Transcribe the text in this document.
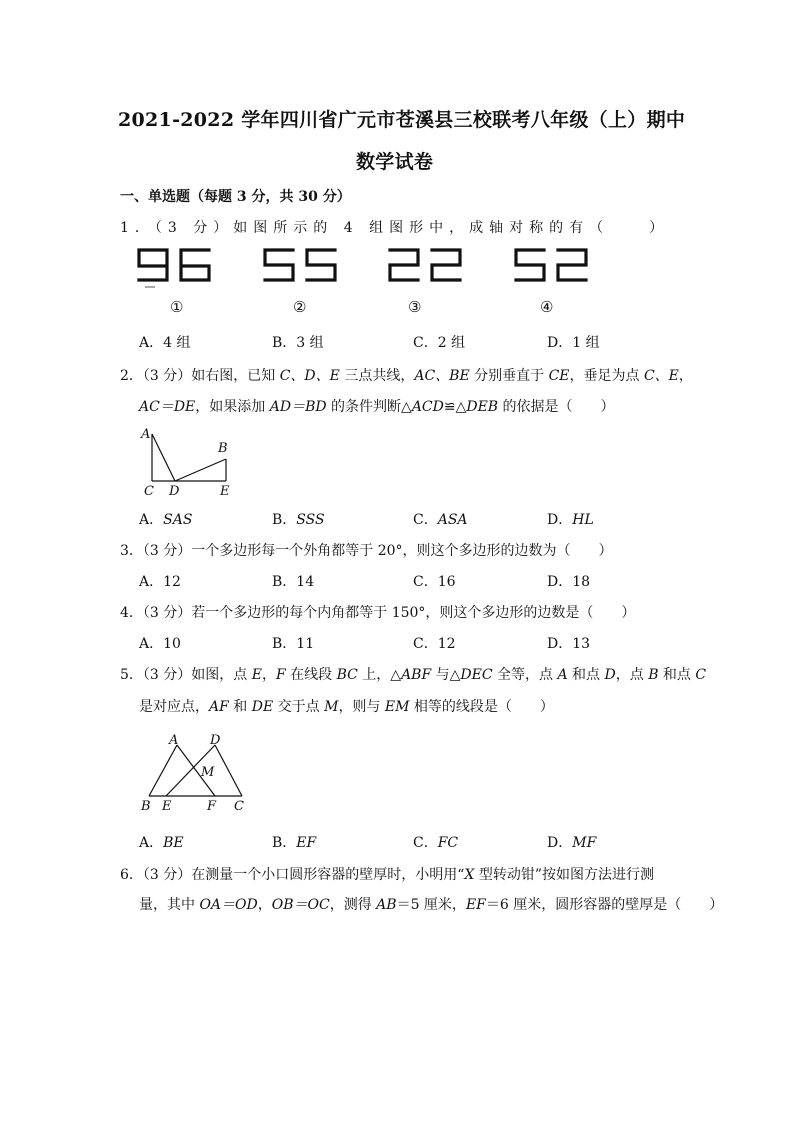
2021-2022 学年四川省广元市苍溪县三校联考八年级（上）期中
数学试卷
一、单选题（每题 3 分，共 30 分）
1．（3 分）如图所示的 4 组图形中，成轴对称的有（　　）
①	②	③	④
A．4 组	B．3 组	C．2 组	D．1 组
2．（3 分）如右图，已知 C、D、E 三点共线，AC、BE 分别垂直于 CE，垂足为点 C、E，
AC＝DE，如果添加 AD＝BD 的条件判断△ACD≌△DEB 的依据是（　　）
A
B
C D	E
A．SAS	B．SSS	C．ASA	D．HL
3．（3 分）一个多边形每一个外角都等于 20°，则这个多边形的边数为（　　）
A．12	B．14	C．16	D．18
4．（3 分）若一个多边形的每个内角都等于 150°，则这个多边形的边数是（　　）
A．10	B．11	C．12	D．13
5．（3 分）如图，点 E，F 在线段 BC 上，△ABF 与△DEC 全等，点 A 和点 D，点 B 和点 C
是对应点，AF 和 DE 交于点 M，则与 EM 相等的线段是（　　）
A D
M
B E	F C
A．BE	B．EF	C．FC	D．MF
6．（3 分）在测量一个小口圆形容器的壁厚时，小明用“X 型转动钳”按如图方法进行测
量，其中 OA＝OD，OB＝OC，测得 AB＝5 厘米，EF＝6 厘米，圆形容器的壁厚是（　　）
